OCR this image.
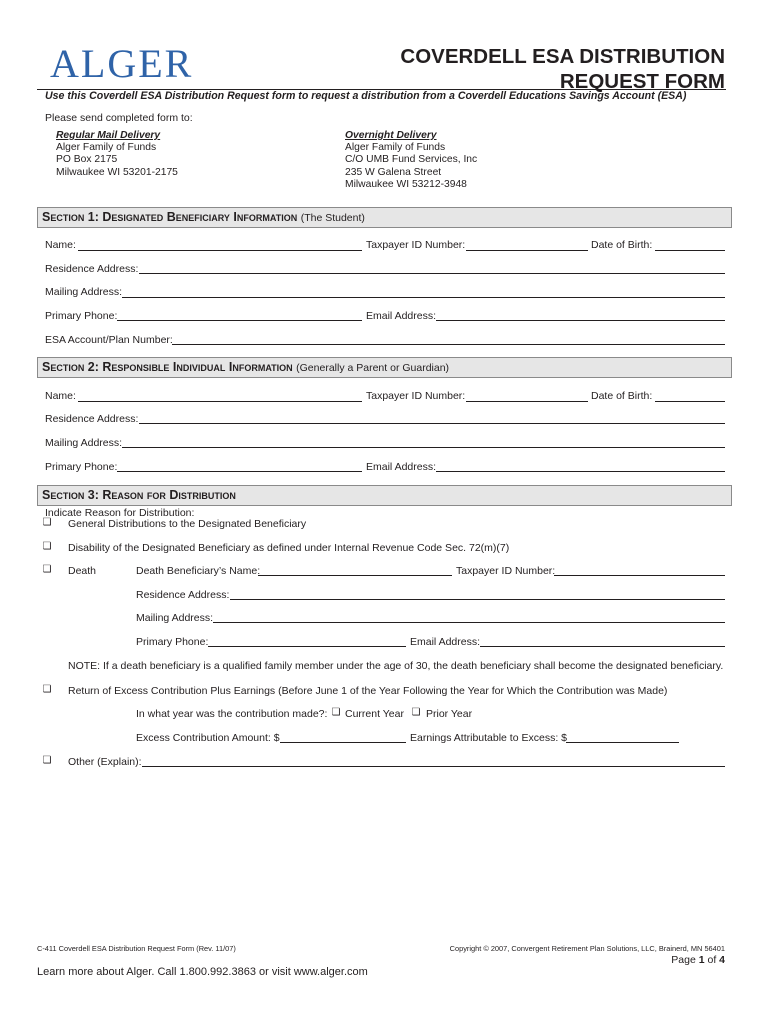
ALGER	COVERDELL ESA DISTRIBUTION
REQUEST FORM
Use this Coverdell ESA Distribution Request form to request a distribution from a Coverdell Educations Savings Account (ESA)
Please send completed form to:
Regular Mail Delivery
Alger Family of Funds
PO Box 2175
Milwaukee WI 53201-2175
Overnight Delivery
Alger Family of Funds
C/O UMB Fund Services, Inc
235 W Galena Street
Milwaukee WI 53212-3948
Section 1: Designated Beneficiary Information (The Student)
Name:	Taxpayer ID Number:	Date of Birth:
Residence Address:
Mailing Address:
Primary Phone:	Email Address:
ESA Account/Plan Number:
Section 2: Responsible Individual Information (Generally a Parent or Guardian)
Name:	Taxpayer ID Number:	Date of Birth:
Residence Address:
Mailing Address:
Primary Phone:	Email Address:
Section 3: Reason for Distribution
Indicate Reason for Distribution:
❏ General Distributions to the Designated Beneficiary
❏ Disability of the Designated Beneficiary as defined under Internal Revenue Code Sec. 72(m)(7)
❏ Death	Death Beneficiary’s Name:	Taxpayer ID Number:
Residence Address:
Mailing Address:
Primary Phone:	Email Address:
NOTE: If a death beneficiary is a qualified family member under the age of 30, the death beneficiary shall become the designated beneficiary.
❏ Return of Excess Contribution Plus Earnings (Before June 1 of the Year Following the Year for Which the Contribution was Made)
In what year was the contribution made?: ❏ Current Year ❏ Prior Year
Excess Contribution Amount: $	Earnings Attributable to Excess: $
❏ Other (Explain):
C-411 Coverdell ESA Distribution Request Form (Rev. 11/07)	Copyright © 2007, Convergent Retirement Plan Solutions, LLC, Brainerd, MN 56401
Page 1 of 4
Learn more about Alger. Call 1.800.992.3863 or visit www.alger.com
